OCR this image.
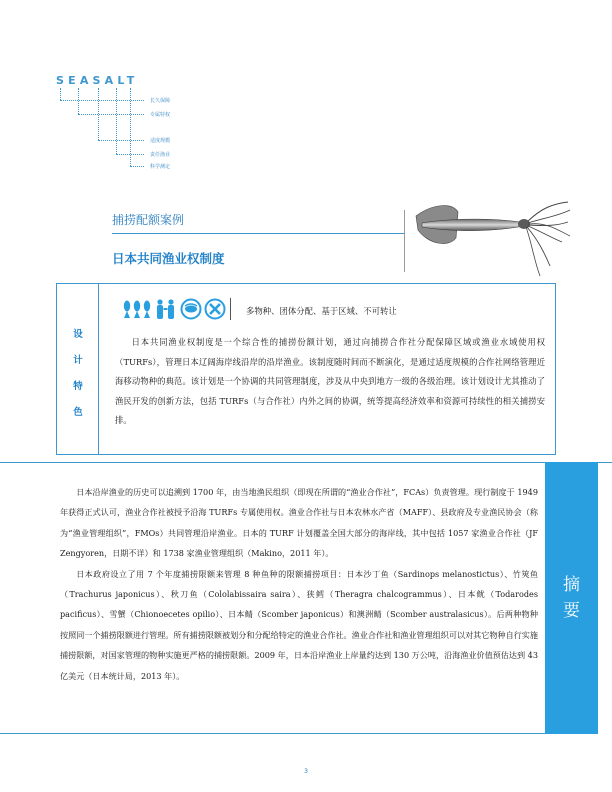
SEASALT
长久保障
专属特权
适度规模
责任渔业
科学测定
捕捞配额案例
日本共同渔业权制度
设
计
特
色
多物种、团体分配、基于区域、不可转让
日本共同渔业权制度是一个综合性的捕捞份额计划，通过向捕捞合作社分配保障区域或渔业水域使用权（TURFs），管理日本辽阔海岸线沿岸的沿岸渔业。该制度随时间而不断演化，是通过适度规模的合作社网络管理近海移动物种的典范。该计划是一个协调的共同管理制度，涉及从中央到地方一级的各级治理。该计划设计尤其推动了渔民开发的创新方法，包括 TURFs（与合作社）内外之间的协调，统等提高经济效率和资源可持续性的相关捕捞安排。
摘
要

日本沿岸渔业的历史可以追溯到 1700 年，由当地渔民组织（即现在所谓的“渔业合作社”，FCAs）负责管理。现行制度于 1949 年获得正式认可，渔业合作社被授予沿海 TURFs 专属使用权。渔业合作社与日本农林水产省（MAFF）、县政府及专业渔民协会（称为“渔业管理组织”，FMOs）共同管理沿岸渔业。日本的 TURF 计划覆盖全国大部分的海岸线，其中包括 1057 家渔业合作社（JF Zengyoren，日期不详）和 1738 家渔业管理组织（Makino，2011 年）。

日本政府设立了用 7 个年度捕捞限额来管理 8 种鱼种的限额捕捞项目：日本沙丁鱼（Sardinops melanostictus）、竹筴鱼（Trachurus japonicus）、秋刀鱼（Cololabissaira saira）、狭鳕（Theragra chalcogrammus）、日本鱿（Todarodes pacificus）、雪蟹（Chionoecetes opilio）、日本鲭（Scomber japonicus）和澳洲鲭（Scomber australasicus）。后两种物种按照同一个捕捞限额进行管理。所有捕捞限额被划分和分配给特定的渔业合作社。渔业合作社和渔业管理组织可以对其它物种自行实施捕捞限额，对国家管理的物种实施更严格的捕捞限额。2009 年，日本沿岸渔业上岸量约达到 130 万公吨，沿海渔业价值预估达到 43 亿美元（日本统计局，2013 年）。

3
